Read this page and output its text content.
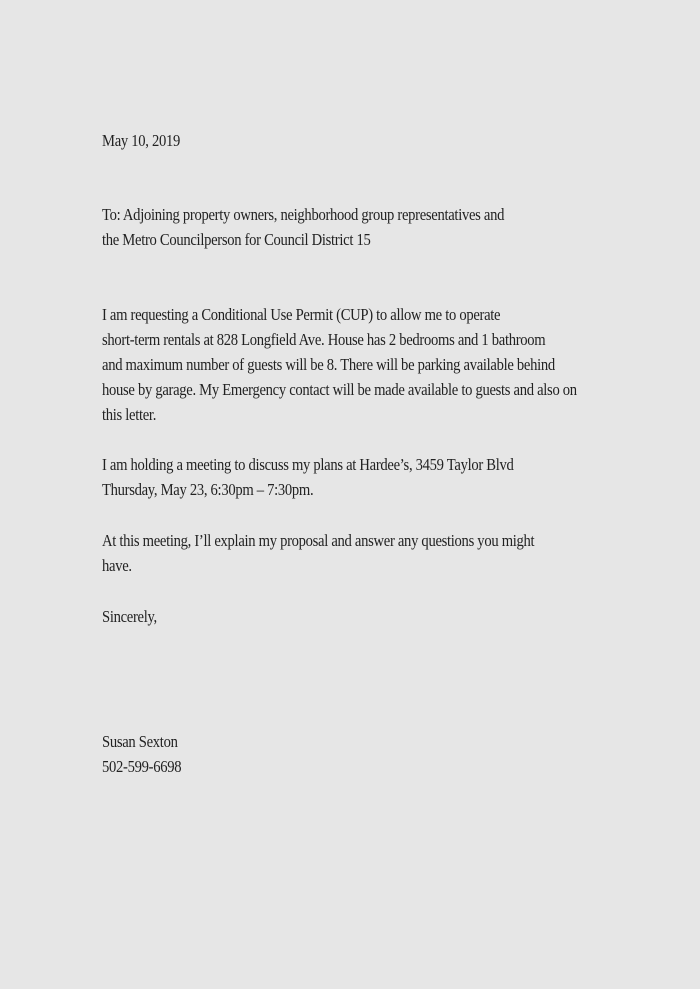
May 10, 2019
To: Adjoining property owners, neighborhood group representatives and
the Metro Councilperson for Council District 15
I am requesting a Conditional Use Permit (CUP) to allow me to operate
short-term rentals at 828 Longfield Ave. House has 2 bedrooms and 1 bathroom
and maximum number of guests will be 8. There will be parking available behind
house by garage. My Emergency contact will be made available to guests and also on
this letter.
I am holding a meeting to discuss my plans at Hardee’s, 3459 Taylor Blvd
Thursday, May 23, 6:30pm – 7:30pm.
At this meeting, I’ll explain my proposal and answer any questions you might
have.
Sincerely,
Susan Sexton
502-599-6698
